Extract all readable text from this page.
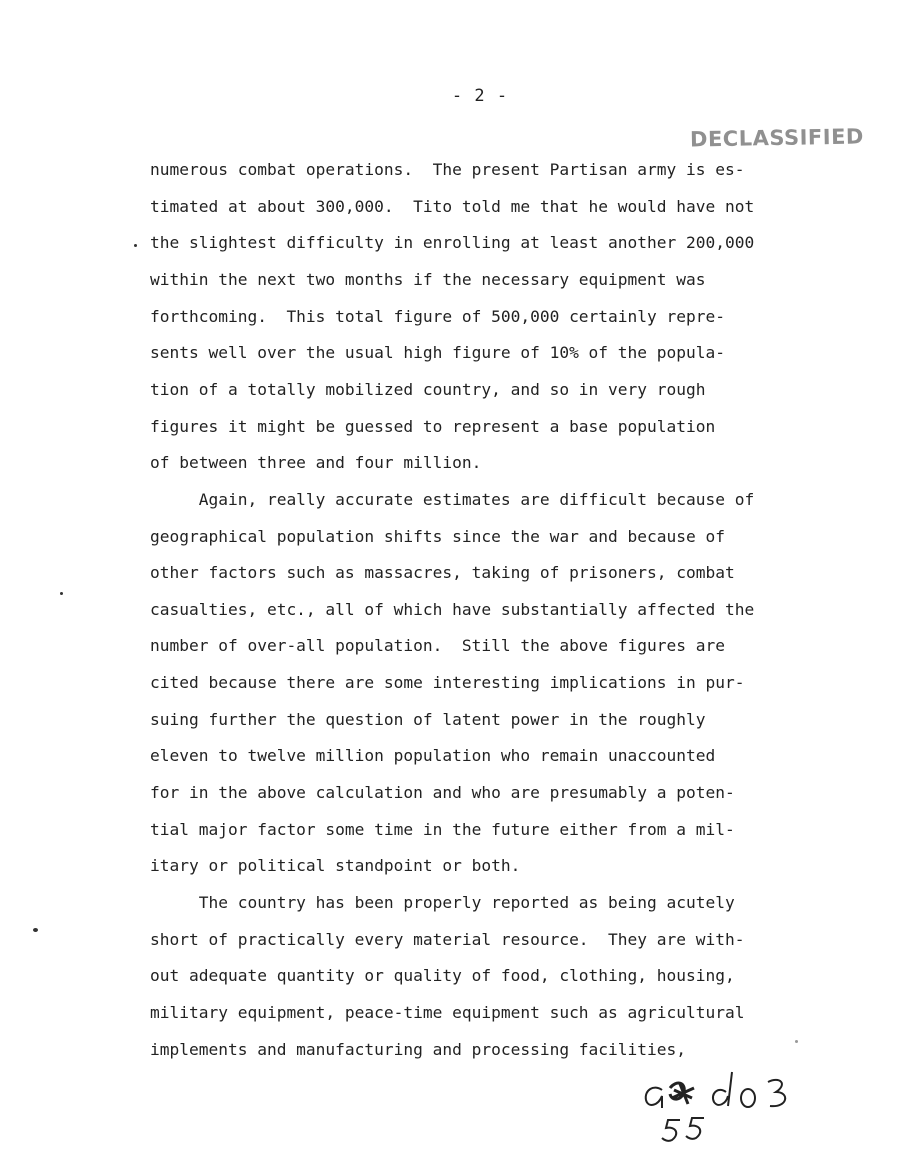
- 2 -
DECLASSIFIED
numerous combat operations.  The present Partisan army is es-
timated at about 300,000.  Tito told me that he would have not
the slightest difficulty in enrolling at least another 200,000
within the next two months if the necessary equipment was
forthcoming.  This total figure of 500,000 certainly repre-
sents well over the usual high figure of 10% of the popula-
tion of a totally mobilized country, and so in very rough
figures it might be guessed to represent a base population
of between three and four million.
Again, really accurate estimates are difficult because of
geographical population shifts since the war and because of
other factors such as massacres, taking of prisoners, combat
casualties, etc., all of which have substantially affected the
number of over-all population.  Still the above figures are
cited because there are some interesting implications in pur-
suing further the question of latent power in the roughly
eleven to twelve million population who remain unaccounted
for in the above calculation and who are presumably a poten-
tial major factor some time in the future either from a mil-
itary or political standpoint or both.
The country has been properly reported as being acutely
short of practically every material resource.  They are with-
out adequate quantity or quality of food, clothing, housing,
military equipment, peace-time equipment such as agricultural
implements and manufacturing and processing facilities,
